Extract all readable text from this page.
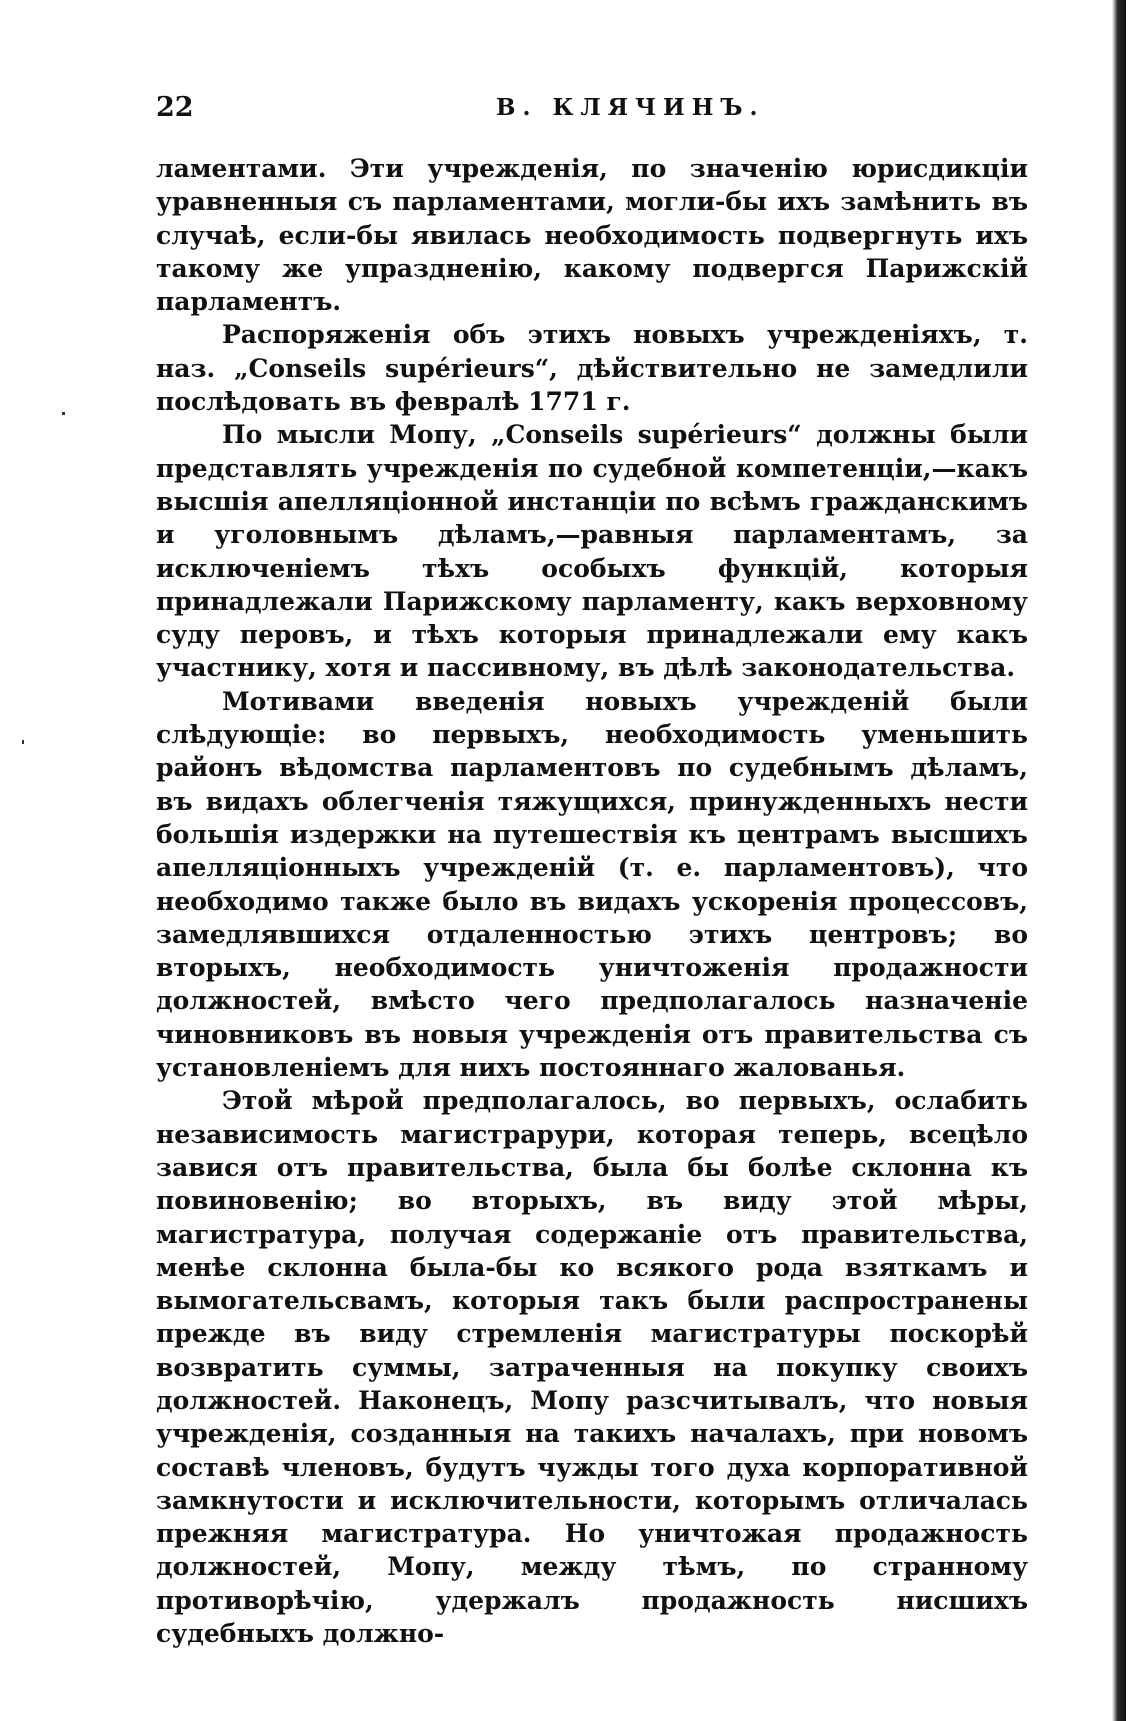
22	В. КЛЯЧИНЪ.

ламентами. Эти учрежденія, по значенію юрисдикціи уравненныя съ парламентами, могли-бы ихъ замѣнить въ случаѣ, если-бы явилась необходимость подвергнуть ихъ такому же упраздненію, какому подвергся Парижскій парламентъ.

Распоряженія объ этихъ новыхъ учрежденіяхъ, т. наз. „Conseils supérieurs“, дѣйствительно не замедлили послѣдовать въ февралѣ 1771 г.

По мысли Мопу, „Conseils supérieurs“ должны были представлять учрежденія по судебной компетенціи,—какъ высшія апелляціонной инстанціи по всѣмъ гражданскимъ и уголовнымъ дѣламъ,—равныя парламентамъ, за исключеніемъ тѣхъ особыхъ функцій, которыя принадлежали Парижскому парламенту, какъ верховному суду перовъ, и тѣхъ которыя принадлежали ему какъ участнику, хотя и пассивному, въ дѣлѣ законодательства.

Мотивами введенія новыхъ учрежденій были слѣдующіе: во первыхъ, необходимость уменьшить районъ вѣдомства парламентовъ по судебнымъ дѣламъ, въ видахъ облегченія тяжущихся, принужденныхъ нести большія издержки на путешествія къ центрамъ высшихъ апелляціонныхъ учрежденій (т. е. парламентовъ), что необходимо также было въ видахъ ускоренія процессовъ, замедлявшихся отдаленностью этихъ центровъ; во вторыхъ, необходимость уничтоженія продажности должностей, вмѣсто чего предполагалось назначеніе чиновниковъ въ новыя учрежденія отъ правительства съ установленіемъ для нихъ постояннаго жалованья.

Этой мѣрой предполагалось, во первыхъ, ослабить независимость магистрарури, которая теперь, всецѣло завися отъ правительства, была бы болѣе склонна къ повиновенію; во вторыхъ, въ виду этой мѣры, магистратура, получая содержаніе отъ правительства, менѣе склонна была-бы ко всякого рода взяткамъ и вымогательсвамъ, которыя такъ были распространены прежде въ виду стремленія магистратуры поскорѣй возвратить суммы, затраченныя на покупку своихъ должностей. Наконецъ, Мопу разсчитывалъ, что новыя учрежденія, созданныя на такихъ началахъ, при новомъ составѣ членовъ, будутъ чужды того духа корпоративной замкнутости и исключительности, которымъ отличалась прежняя магистратура. Но уничтожая продажность должностей, Мопу, между тѣмъ, по странному противорѣчію, удержалъ продажность нисшихъ судебныхъ должно-
